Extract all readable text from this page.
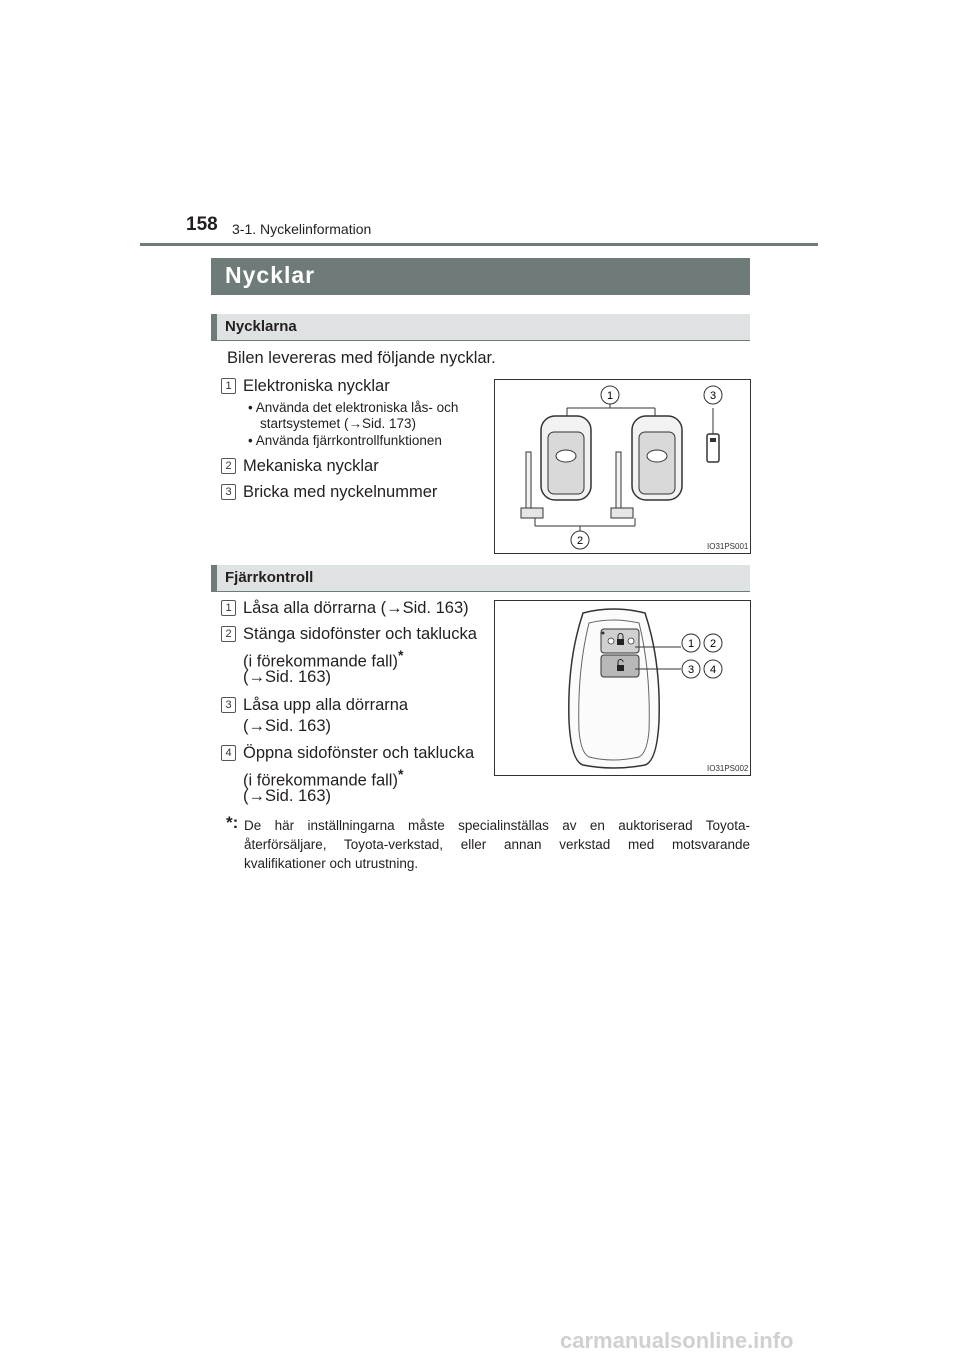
158 3-1. Nyckelinformation
Nycklar
Nycklarna
Bilen levereras med följande nycklar.
1 Elektroniska nycklar
• Använda det elektroniska lås- och
startsystemet (→Sid. 173)
• Använda fjärrkontrollfunktionen
2 Mekaniska nycklar
3 Bricka med nyckelnummer
1	3
2	IO31PS001
Fjärrkontroll
1 Låsa alla dörrarna (→Sid. 163)
2 Stänga sidofönster och taklucka
(i förekommande fall)*
(→Sid. 163)
3 Låsa upp alla dörrarna
(→Sid. 163)
4 Öppna sidofönster och taklucka
(i förekommande fall)*
(→Sid. 163)
1 2
3 4
IO31PS002
*: De här inställningarna måste specialinställas av en auktoriserad Toyota-återförsäljare, Toyota-verkstad, eller annan verkstad med motsvarande kvalifikationer och utrustning.
carmanualsonline.info
